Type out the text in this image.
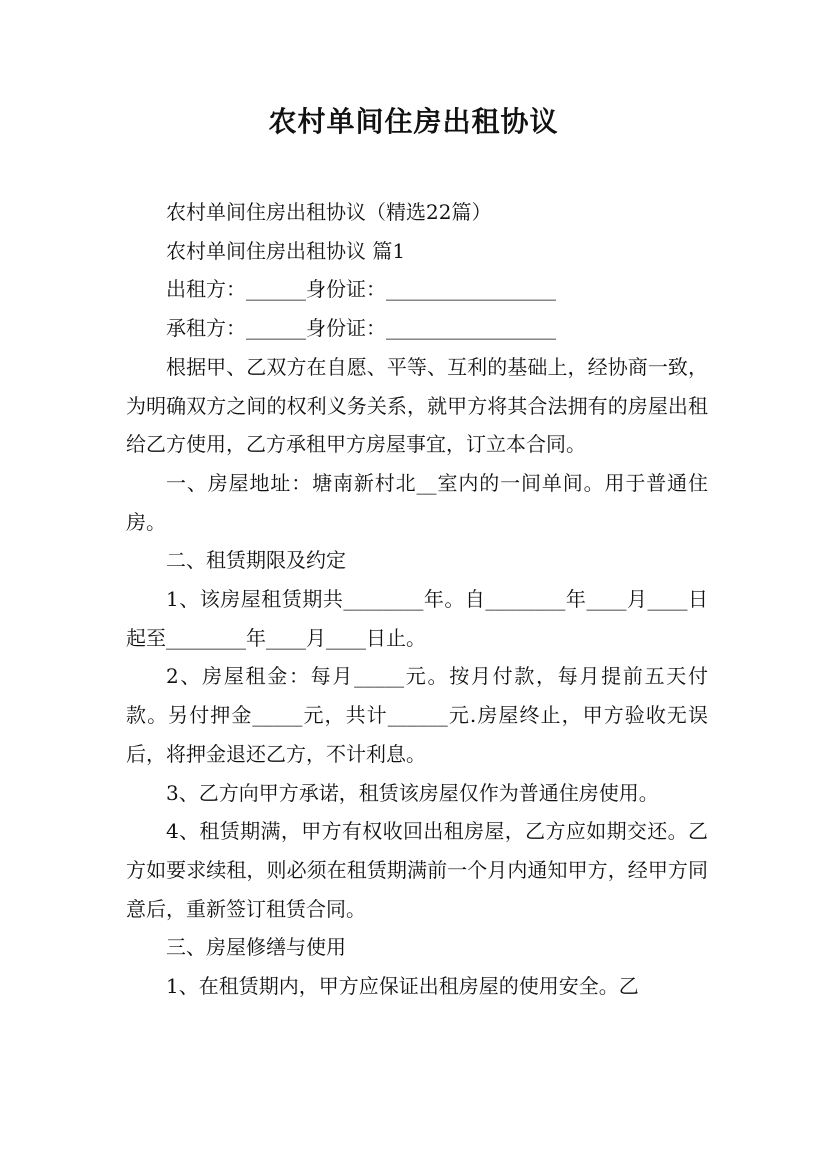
农村单间住房出租协议

农村单间住房出租协议（精选22篇）

农村单间住房出租协议 篇1

出租方：______身份证：_________________

承租方：______身份证：_________________

根据甲、乙双方在自愿、平等、互利的基础上，经协商一致，为明确双方之间的权利义务关系，就甲方将其合法拥有的房屋出租给乙方使用，乙方承租甲方房屋事宜，订立本合同。

一、房屋地址：塘南新村北__室内的一间单间。用于普通住房。

二、租赁期限及约定

1、该房屋租赁期共________年。自________年____月____日起至________年____月____日止。

2、房屋租金：每月_____元。按月付款，每月提前五天付款。另付押金_____元，共计______元.房屋终止，甲方验收无误后，将押金退还乙方，不计利息。

3、乙方向甲方承诺，租赁该房屋仅作为普通住房使用。

4、租赁期满，甲方有权收回出租房屋，乙方应如期交还。乙方如要求续租，则必须在租赁期满前一个月内通知甲方，经甲方同意后，重新签订租赁合同。

三、房屋修缮与使用

1、在租赁期内，甲方应保证出租房屋的使用安全。乙
